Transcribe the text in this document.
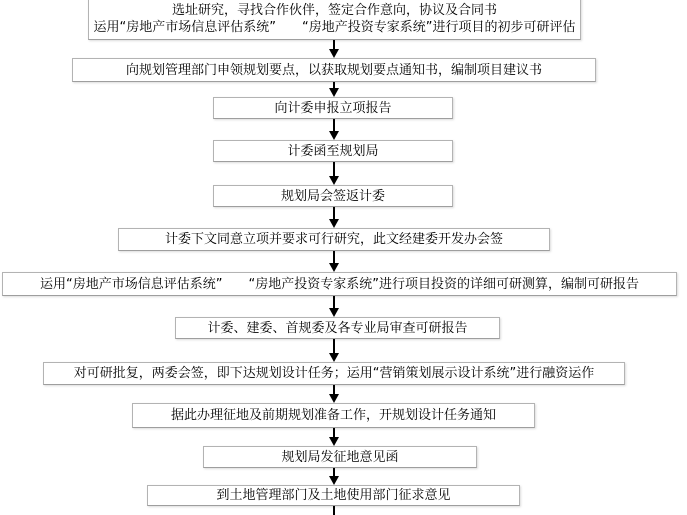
选址研究，寻找合作伙伴，签定合作意向，协议及合同书
运用“房地产市场信息评估系统”　　“房地产投资专家系统”进行项目的初步可研评估
向规划管理部门申领规划要点，以获取规划要点通知书，编制项目建议书
向计委申报立项报告
计委函至规划局
规划局会签返计委
计委下文同意立项并要求可行研究，此文经建委开发办会签
运用“房地产市场信息评估系统”　　“房地产投资专家系统”进行项目投资的详细可研测算，编制可研报告
计委、建委、首规委及各专业局审查可研报告
对可研批复，两委会签，即下达规划设计任务；运用“营销策划展示设计系统”进行融资运作
据此办理征地及前期规划准备工作，开规划设计任务通知
规划局发征地意见函
到土地管理部门及土地使用部门征求意见
